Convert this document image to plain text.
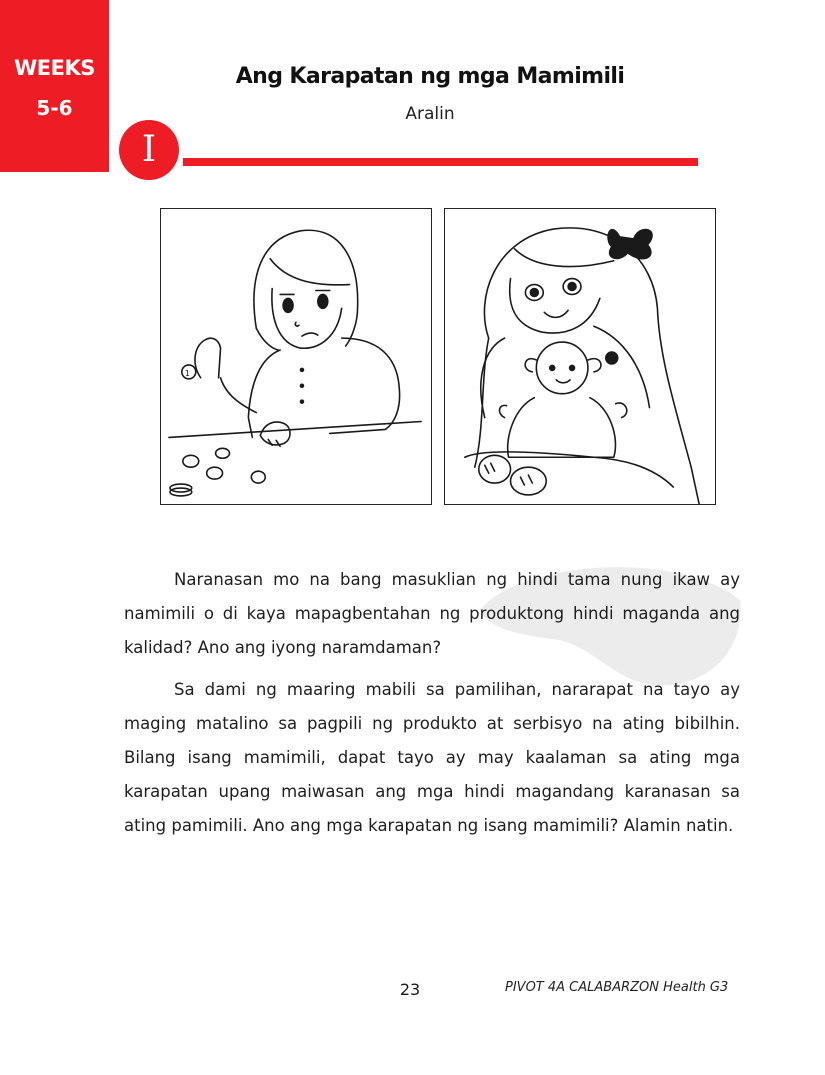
WEEKS
5-6
Ang Karapatan ng mga Mamimili
Aralin
I
1

Naranasan mo na bang masuklian ng hindi tama nung ikaw ay namimili o di kaya mapagbentahan ng produktong hindi maganda ang kalidad? Ano ang iyong naramdaman?

Sa dami ng maaring mabili sa pamilihan, nararapat na tayo ay maging matalino sa pagpili ng produkto at serbisyo na ating bibilhin. Bilang isang mamimili, dapat tayo ay may kaalaman sa ating mga karapatan upang maiwasan ang mga hindi magandang karanasan sa ating pamimili. Ano ang mga karapatan ng isang mamimili? Alamin natin.

23	PIVOT 4A CALABARZON Health G3
